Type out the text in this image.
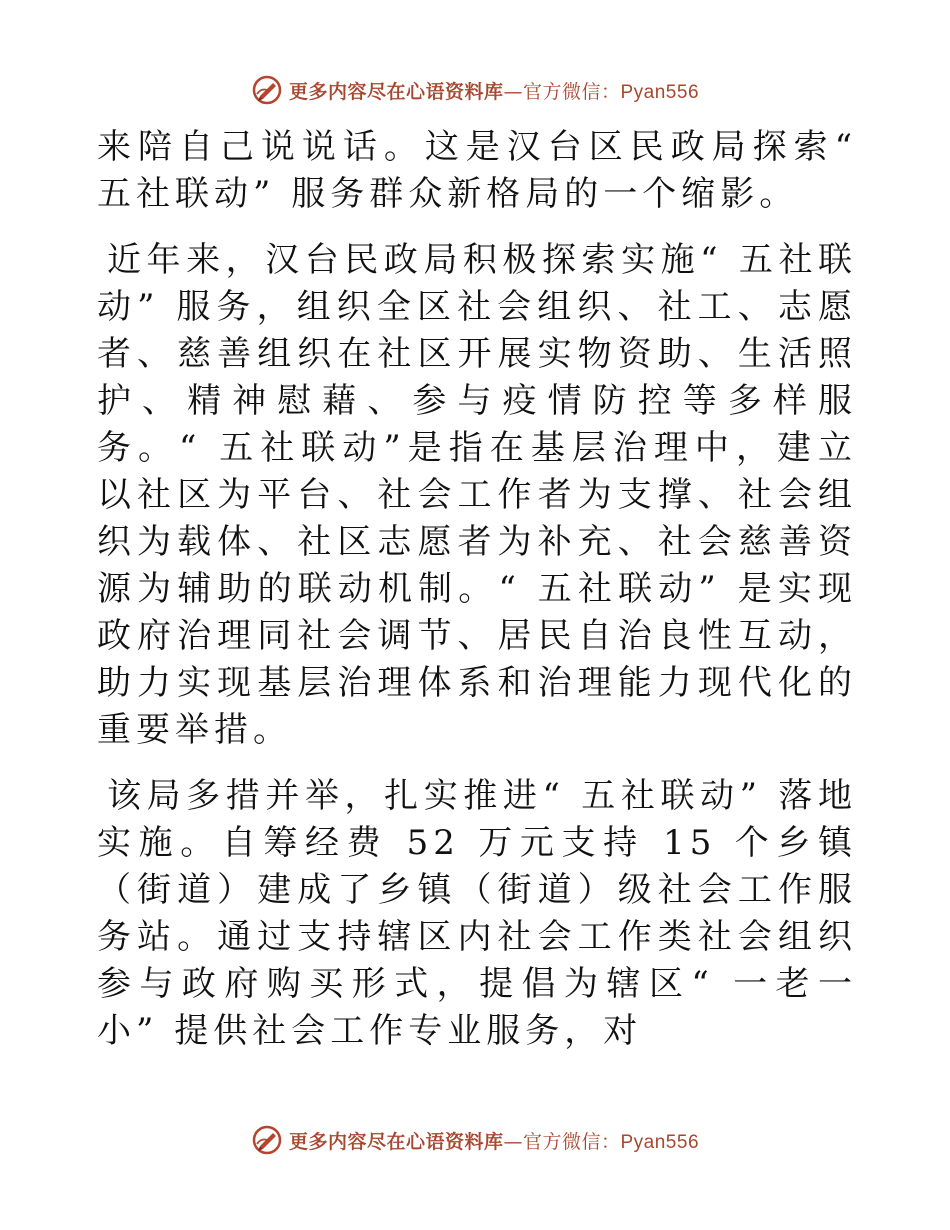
更多内容尽在心语资料库—官方微信：Pyan556

来陪自己说说话。这是汉台区民政局探索“ 五社联动” 服务群众新格局的一个缩影。

近年来，汉台民政局积极探索实施“ 五社联动” 服务，组织全区社会组织、社工、志愿者、慈善组织在社区开展实物资助、生活照护、精神慰藉、参与疫情防控等多样服务。“ 五社联动”是指在基层治理中，建立以社区为平台、社会工作者为支撑、社会组织为载体、社区志愿者为补充、社会慈善资源为辅助的联动机制。“ 五社联动” 是实现政府治理同社会调节、居民自治良性互动，助力实现基层治理体系和治理能力现代化的重要举措。

该局多措并举，扎实推进“ 五社联动” 落地实施。自筹经费 52 万元支持 15 个乡镇（街道）建成了乡镇（街道）级社会工作服务站。通过支持辖区内社会工作类社会组织参与政府购买形式，提倡为辖区“ 一老一小” 提供社会工作专业服务，对

更多内容尽在心语资料库—官方微信：Pyan556
